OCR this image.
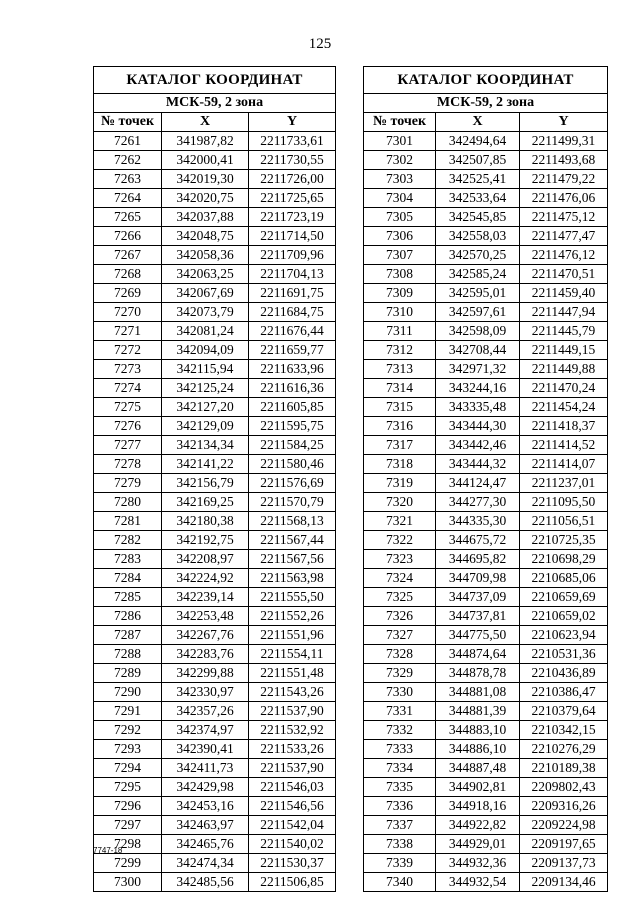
125
КАТАЛОГ КООРДИНАТ		
МСК-59, 2 зона		
№ точек	X	Y
7261	341987,82	2211733,61
7262	342000,41	2211730,55
7263	342019,30	2211726,00
7264	342020,75	2211725,65
7265	342037,88	2211723,19
7266	342048,75	2211714,50
7267	342058,36	2211709,96
7268	342063,25	2211704,13
7269	342067,69	2211691,75
7270	342073,79	2211684,75
7271	342081,24	2211676,44
7272	342094,09	2211659,77
7273	342115,94	2211633,96
7274	342125,24	2211616,36
7275	342127,20	2211605,85
7276	342129,09	2211595,75
7277	342134,34	2211584,25
7278	342141,22	2211580,46
7279	342156,79	2211576,69
7280	342169,25	2211570,79
7281	342180,38	2211568,13
7282	342192,75	2211567,44
7283	342208,97	2211567,56
7284	342224,92	2211563,98
7285	342239,14	2211555,50
7286	342253,48	2211552,26
7287	342267,76	2211551,96
7288	342283,76	2211554,11
7289	342299,88	2211551,48
7290	342330,97	2211543,26
7291	342357,26	2211537,90
7292	342374,97	2211532,92
7293	342390,41	2211533,26
7294	342411,73	2211537,90
7295	342429,98	2211546,03
7296	342453,16	2211546,56
7297	342463,97	2211542,04
7298	342465,76	2211540,02
7299	342474,34	2211530,37
7300	342485,56	2211506,85
КАТАЛОГ КООРДИНАТ		
МСК-59, 2 зона		
№ точек	X	Y
7301	342494,64	2211499,31
7302	342507,85	2211493,68
7303	342525,41	2211479,22
7304	342533,64	2211476,06
7305	342545,85	2211475,12
7306	342558,03	2211477,47
7307	342570,25	2211476,12
7308	342585,24	2211470,51
7309	342595,01	2211459,40
7310	342597,61	2211447,94
7311	342598,09	2211445,79
7312	342708,44	2211449,15
7313	342971,32	2211449,88
7314	343244,16	2211470,24
7315	343335,48	2211454,24
7316	343444,30	2211418,37
7317	343442,46	2211414,52
7318	343444,32	2211414,07
7319	344124,47	2211237,01
7320	344277,30	2211095,50
7321	344335,30	2211056,51
7322	344675,72	2210725,35
7323	344695,82	2210698,29
7324	344709,98	2210685,06
7325	344737,09	2210659,69
7326	344737,81	2210659,02
7327	344775,50	2210623,94
7328	344874,64	2210531,36
7329	344878,78	2210436,89
7330	344881,08	2210386,47
7331	344881,39	2210379,64
7332	344883,10	2210342,15
7333	344886,10	2210276,29
7334	344887,48	2210189,38
7335	344902,81	2209802,43
7336	344918,16	2209316,26
7337	344922,82	2209224,98
7338	344929,01	2209197,65
7339	344932,36	2209137,73
7340	344932,54	2209134,46
7747-18
